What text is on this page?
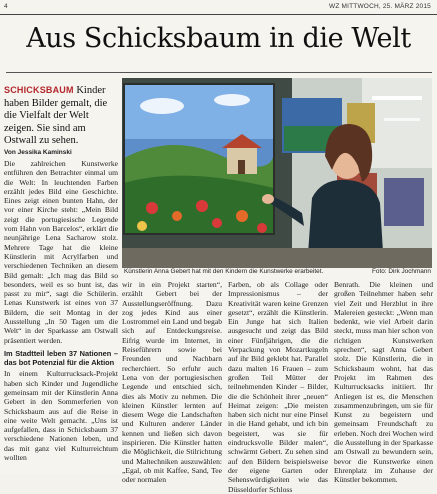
4	WZ MITTWOCH, 25. MÄRZ 2015
Aus Schicksbaum in die Welt
SCHICKSBAUM Kinder haben Bilder gemalt, die die Vielfalt der Welt zeigen. Sie sind am Ostwall zu sehen.
Von Jessika Kaminski
Künstlerin Anna Gebert hat mit den Kindern die Kunstwerke erarbeitet.	Foto: Dirk Jochmann

Die zahlreichen Kunstwerke entführen den Betrachter einmal um die Welt: In leuchtenden Farben erzählt jedes Bild eine Geschichte. Eines zeigt einen bunten Hahn, der vor einer Kirche steht: „Mein Bild zeigt die portugiesische Legende vom Hahn von Barcelos“, erklärt die neunjährige Lena Sacharow stolz. Mehrere Tage hat die kleine Künstlerin mit Acrylfarben und verschiedenen Techniken an diesem Bild gemalt: „Ich mag das Bild so besonders, weil es so bunt ist, das passt zu mir“, sagt die Schülerin. Lenas Kunstwerk ist eines von 37 Bildern, die seit Montag in der Ausstellung „In 50 Tagen um die Welt“ in der Sparkasse am Ostwall präsentiert werden.

Im Stadtteil leben 37 Nationen – das bot Potenzial für die Aktion

In einem Kulturrucksack-Projekt haben sich Kinder und Jugendliche gemeinsam mit der Künstlerin Anna Gebert in den Sommerferien von Schicksbaum aus auf die Reise in eine weite Welt gemacht. „Uns ist aufgefallen, dass in Schicksbaum 37 verschiedene Nationen leben, und das mit ganz viel Kulturreichtum wollten

wir in ein Projekt starten“, erzählt Gebert bei der Ausstellungseröffnung. Dazu zog jedes Kind aus einer Lostrommel ein Land und begab sich auf Entdeckungsreise. Eifrig wurde im Internet, in Reiseführern sowie bei Freunden und Nachbarn recherchiert. So erfuhr auch Lena von der portugiesischen Legende und entschied sich, dies als Motiv zu nehmen. Die kleinen Künstler lernten auf diesem Wege die Landschaften und Kulturen anderer Länder kennen und ließen sich davon inspirieren. Die Künstler hatten die Möglichkeit, die Stilrichtung und Maltechniken auszuwählen: „Egal, ob mit Kaffee, Sand, Tee oder normalen

Farben, ob als Collage oder Impressionismus – der Kreativität waren keine Grenzen gesetzt“, erzählt die Künstlerin. Ein Junge hat sich Italien ausgesucht und zeigt das Bild einer Fünfjährigen, die die Verpackung von Mozartkugeln auf ihr Bild geklebt hat. Parallel dazu malten 16 Frauen – zum großen Teil Mütter der teilnehmenden Kinder – Bilder, die die Schönheit ihrer „neuen“ Heimat zeigen: „Die meisten haben sich nicht nur eine Pinsel in die Hand gehabt, und ich bin begeistert, was sie für eindrucksvolle Bilder malen“, schwärmt Gebert. Zu sehen sind auf den Bildern beispielsweise der eigene Garten oder Sehenswürdigkeiten wie das Düsseldorfer Schloss

Benrath. Die kleinen und großen Teilnehmer haben sehr viel Zeit und Herzblut in ihre Malereien gesteckt: „Wenn man bedenkt, wie viel Arbeit darin steckt, muss man hier schon von richtigen Kunstwerken sprechen“, sagt Anna Gebert stolz. Die Künstlerin, die in Schicksbaum wohnt, hat das Projekt im Rahmen des Kulturrucksacks initiiert. Ihr Anliegen ist es, die Menschen zusammenzubringen, um sie für Kunst zu begeistern und gemeinsam Freundschaft zu erleben. Noch drei Wochen wird die Ausstellung in der Sparkasse am Ostwall zu bewundern sein, bevor die Kunstwerke einen Ehrenplatz im Zuhause der Künstler bekommen.
